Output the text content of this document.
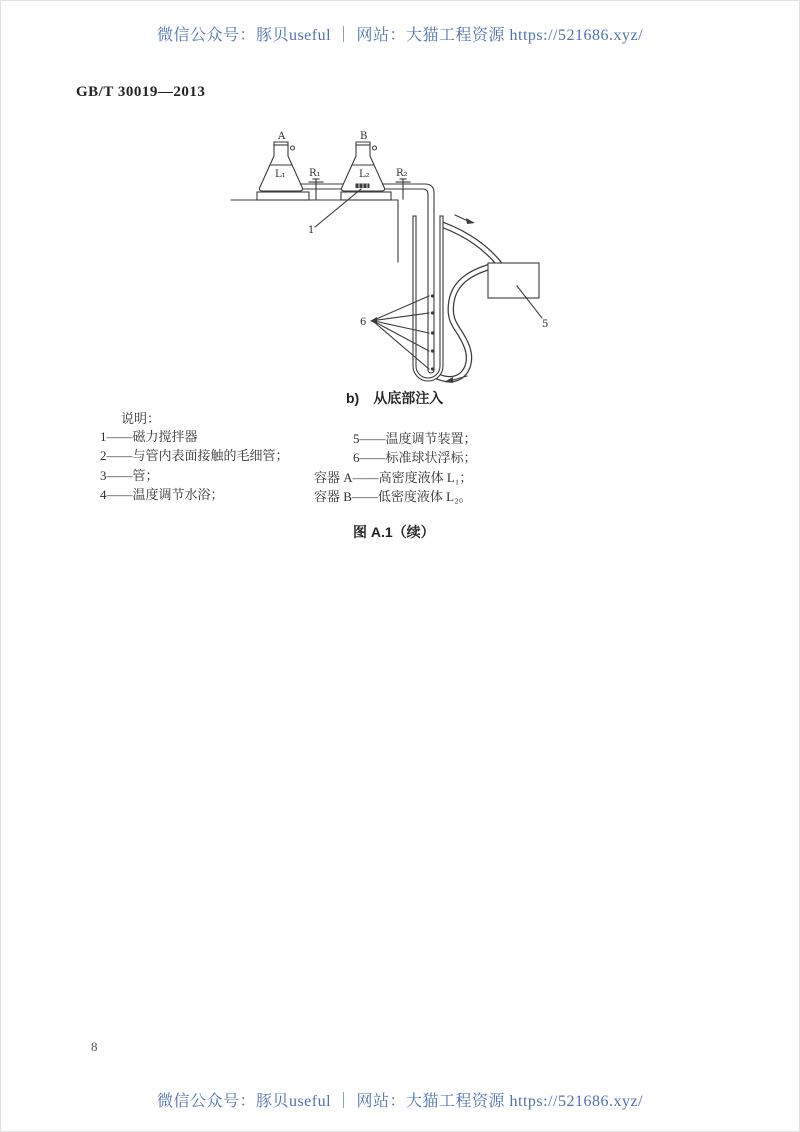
微信公众号：豚贝useful ｜ 网站：大猫工程资源 https://521686.xyz/
GB/T 30019—2013
A	B
L₁	L₂
R₁	R₂
1
5
6
b)　从底部注入
说明：
1——磁力搅拌器
2——与管内表面接触的毛细管；
3——管；
4——温度调节水浴；
5——温度调节装置；
6——标准球状浮标；
容器 A——高密度液体 L₁；
容器 B——低密度液体 L₂。
图 A.1（续）
8
微信公众号：豚贝useful ｜ 网站：大猫工程资源 https://521686.xyz/
